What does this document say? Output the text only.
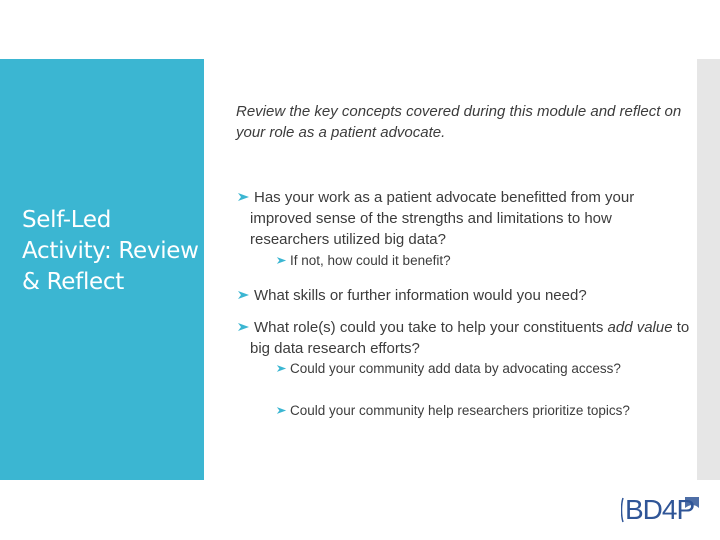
Self-Led Activity: Review & Reflect

Review the key concepts covered during this module and reflect on your role as a patient advocate.

Has your work as a patient advocate benefitted from your improved sense of the strengths and limitations to how researchers utilized big data?

If not, how could it benefit?

What skills or further information would you need?

What role(s) could you take to help your constituents add value to big data research efforts?

Could your community add data by advocating access?

Could your community help researchers prioritize topics?

BD4P
